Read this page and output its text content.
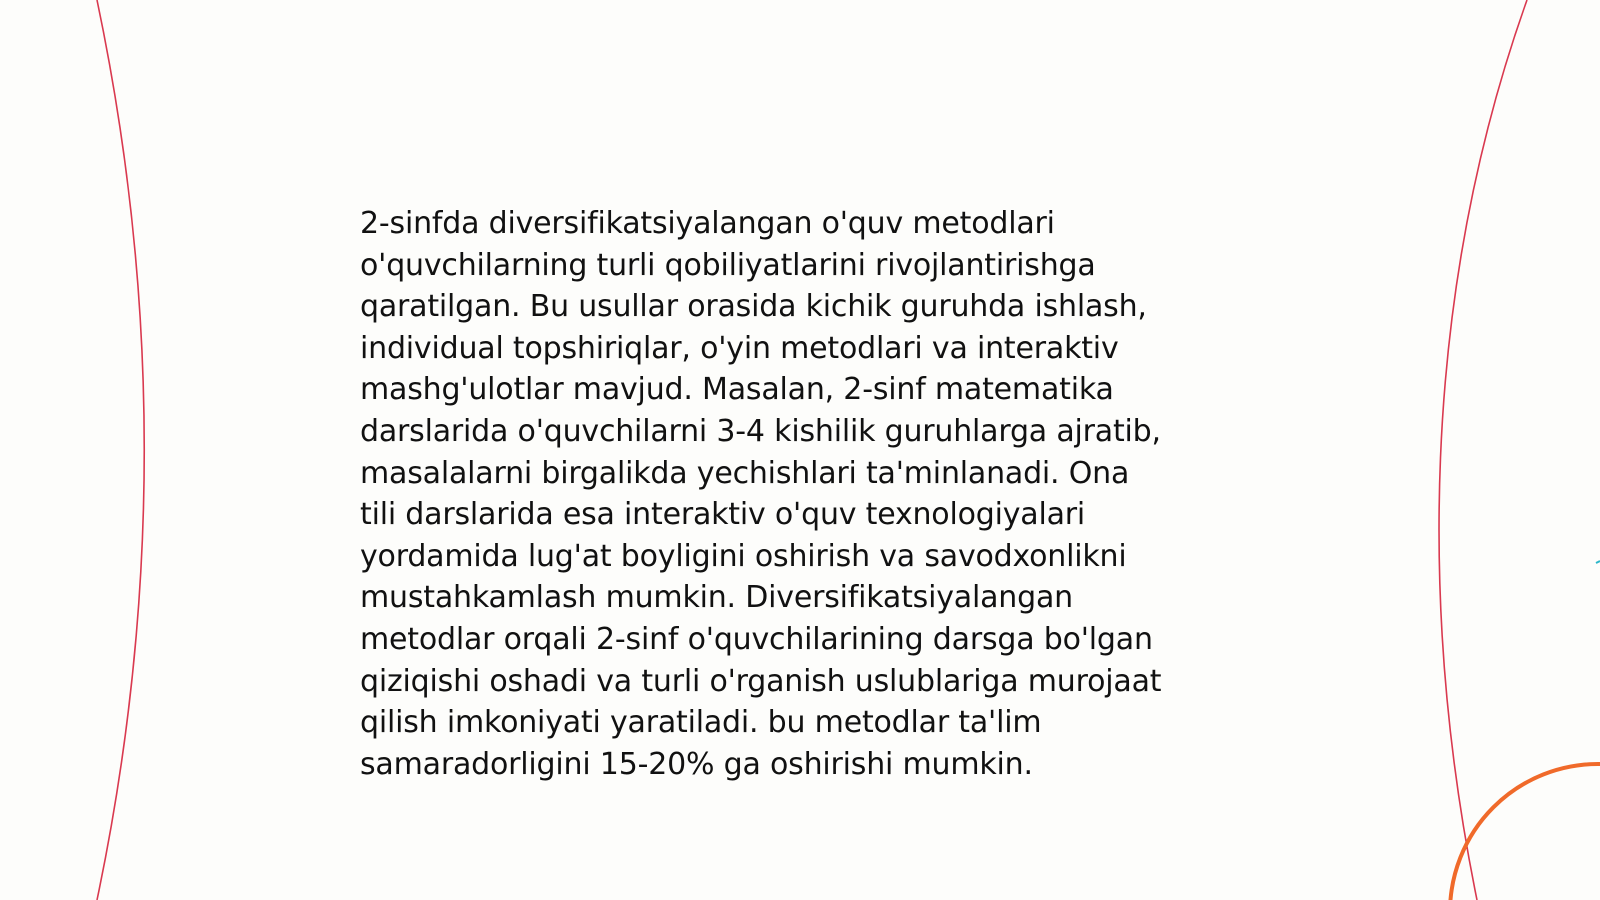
2-sinfda diversifikatsiyalangan o'quv metodlari
o'quvchilarning turli qobiliyatlarini rivojlantirishga
qaratilgan. Bu usullar orasida kichik guruhda ishlash,
individual topshiriqlar, o'yin metodlari va interaktiv
mashg'ulotlar mavjud. Masalan, 2-sinf matematika
darslarida o'quvchilarni 3-4 kishilik guruhlarga ajratib,
masalalarni birgalikda yechishlari ta'minlanadi. Ona
tili darslarida esa interaktiv o'quv texnologiyalari
yordamida lug'at boyligini oshirish va savodxonlikni
mustahkamlash mumkin. Diversifikatsiyalangan
metodlar orqali 2-sinf o'quvchilarining darsga bo'lgan
qiziqishi oshadi va turli o'rganish uslublariga murojaat
qilish imkoniyati yaratiladi. bu metodlar ta'lim
samaradorligini 15-20% ga oshirishi mumkin.
